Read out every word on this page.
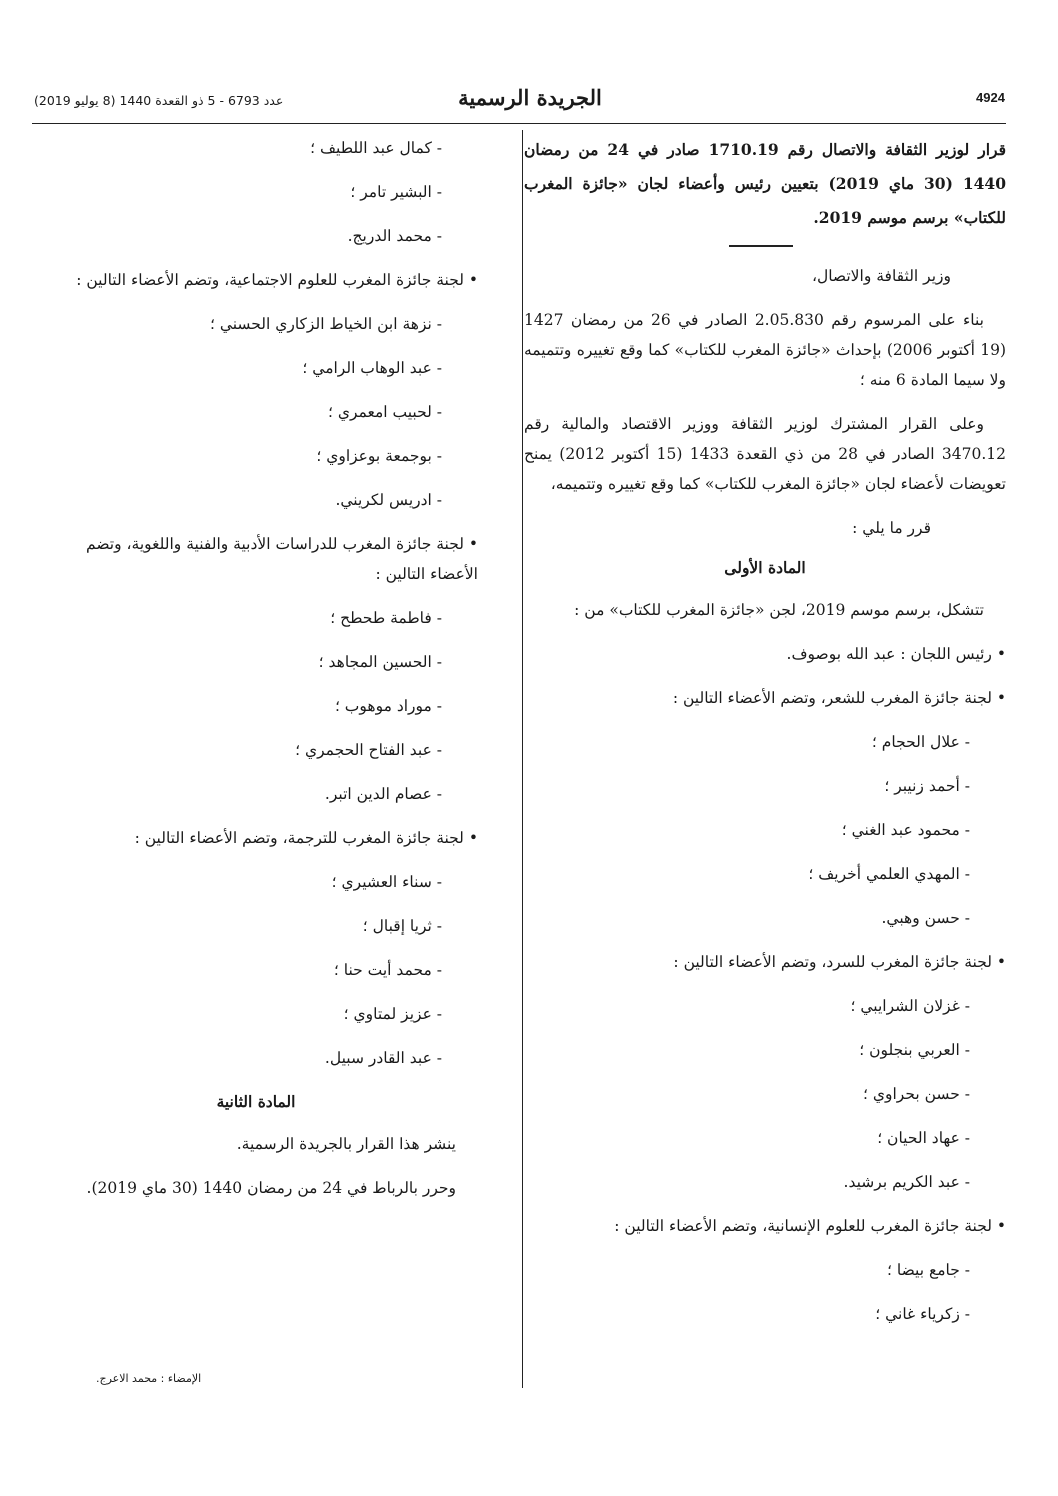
4924
الجريدة الرسمية
عدد 6793 - 5 ذو القعدة 1440 (8 يوليو 2019)
قرار لوزير الثقافة والاتصال رقم 1710.19 صادر في 24 من رمضان 1440 (30 ماي 2019) بتعيين رئيس وأعضاء لجان «جائزة المغرب للكتاب» برسم موسم 2019.

وزير الثقافة والاتصال،

بناء على المرسوم رقم 2.05.830 الصادر في 26 من رمضان 1427 (19 أكتوبر 2006) بإحداث «جائزة المغرب للكتاب» كما وقع تغييره وتتميمه ولا سيما المادة 6 منه ؛

وعلى القرار المشترك لوزير الثقافة ووزير الاقتصاد والمالية رقم 3470.12 الصادر في 28 من ذي القعدة 1433 (15 أكتوبر 2012) يمنح تعويضات لأعضاء لجان «جائزة المغرب للكتاب» كما وقع تغييره وتتميمه،

قرر ما يلي :

المادة الأولى

تتشكل، برسم موسم 2019، لجن «جائزة المغرب للكتاب» من :

• رئيس اللجان : عبد الله بوصوف.
• لجنة جائزة المغرب للشعر، وتضم الأعضاء التالين :
- علال الحجام ؛
- أحمد زنيبر ؛
- محمود عبد الغني ؛
- المهدي العلمي أخريف ؛
- حسن وهبي.
• لجنة جائزة المغرب للسرد، وتضم الأعضاء التالين :
- غزلان الشرايبي ؛
- العربي بنجلون ؛
- حسن بحراوي ؛
- عهاد الحيان ؛
- عبد الكريم برشيد.
• لجنة جائزة المغرب للعلوم الإنسانية، وتضم الأعضاء التالين :
- جامع بيضا ؛
- زكرياء غاني ؛
- كمال عبد اللطيف ؛
- البشير تامر ؛
- محمد الدريج.
• لجنة جائزة المغرب للعلوم الاجتماعية، وتضم الأعضاء التالين :
- نزهة ابن الخياط الزكاري الحسني ؛
- عبد الوهاب الرامي ؛
- لحبيب امعمري ؛
- بوجمعة بوعزاوي ؛
- ادريس لكريني.
• لجنة جائزة المغرب للدراسات الأدبية والفنية واللغوية، وتضم الأعضاء التالين :
- فاطمة طحطح ؛
- الحسين المجاهد ؛
- موراد موهوب ؛
- عبد الفتاح الحجمري ؛
- عصام الدين اتبر.
• لجنة جائزة المغرب للترجمة، وتضم الأعضاء التالين :
- سناء العشيري ؛
- ثريا إقبال ؛
- محمد أيت حنا ؛
- عزيز لمتاوي ؛
- عبد القادر سبيل.
المادة الثانية

ينشر هذا القرار بالجريدة الرسمية.

وحرر بالرباط في 24 من رمضان 1440 (30 ماي 2019).

الإمضاء : محمد الاعرج.
